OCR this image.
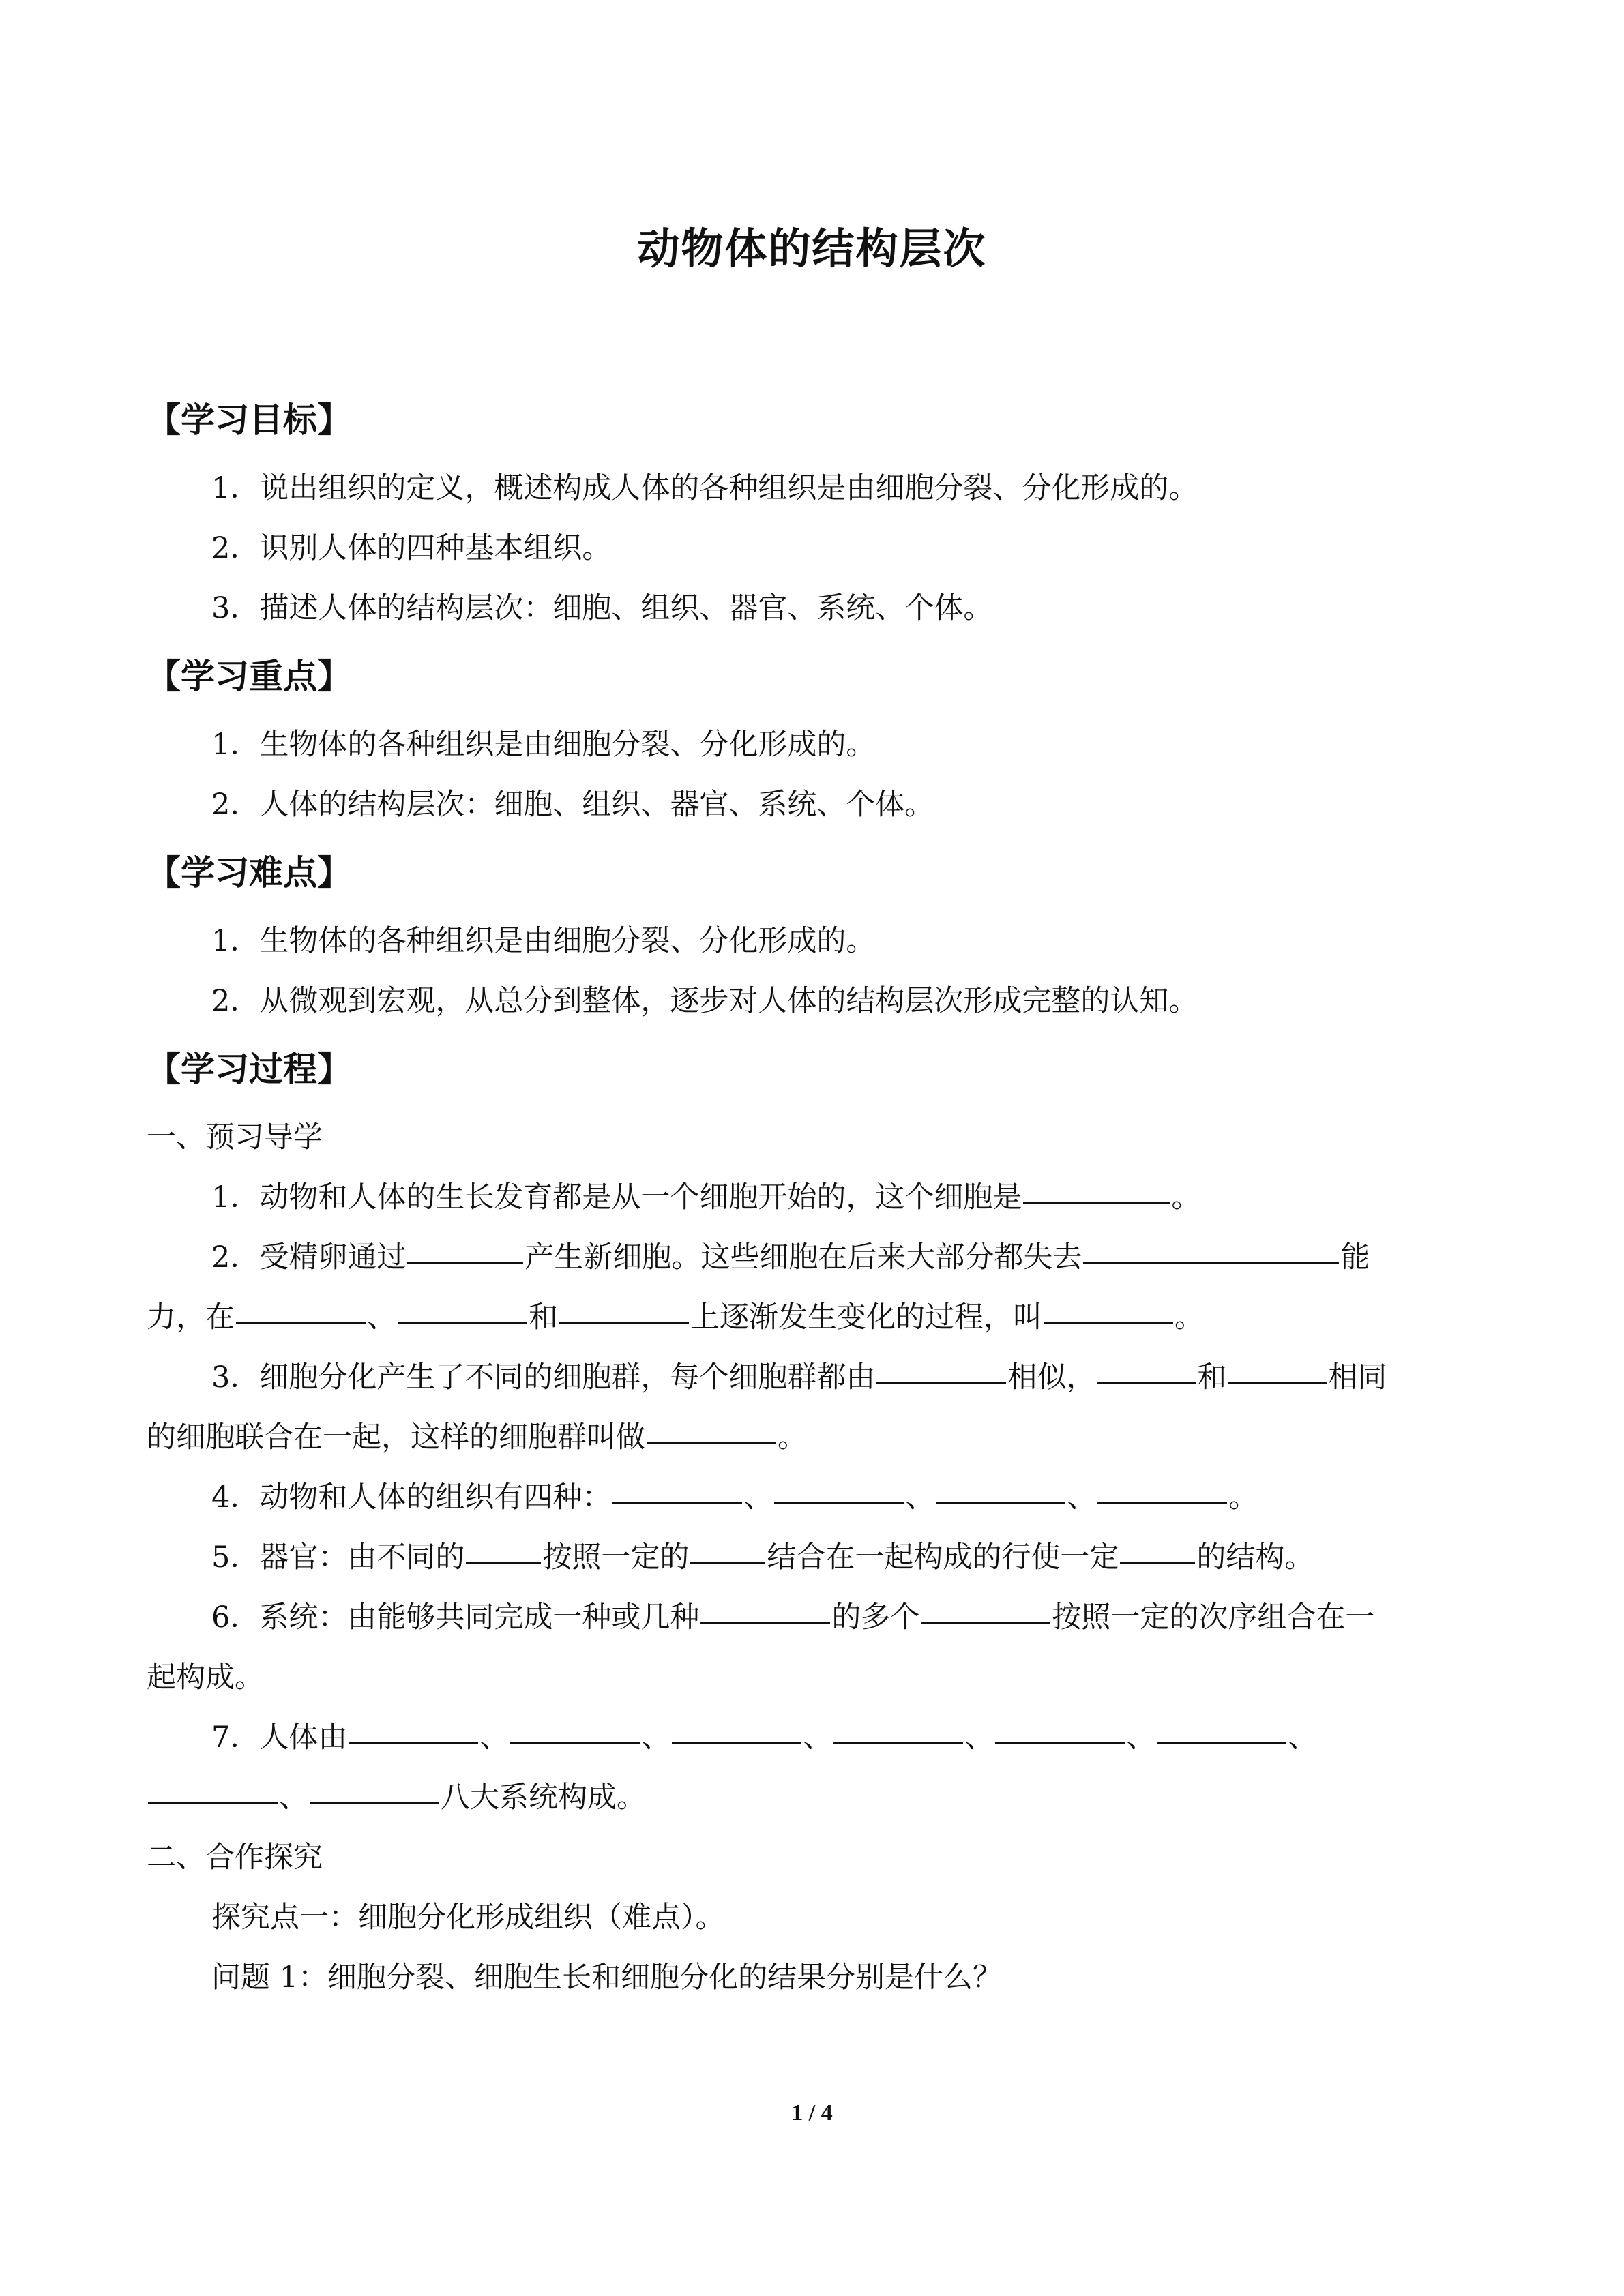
动物体的结构层次
【学习目标】
1．说出组织的定义，概述构成人体的各种组织是由细胞分裂、分化形成的。
2．识别人体的四种基本组织。
3．描述人体的结构层次：细胞、组织、器官、系统、个体。
【学习重点】
1．生物体的各种组织是由细胞分裂、分化形成的。
2．人体的结构层次：细胞、组织、器官、系统、个体。
【学习难点】
1．生物体的各种组织是由细胞分裂、分化形成的。
2．从微观到宏观，从总分到整体，逐步对人体的结构层次形成完整的认知。
【学习过程】
一、预习导学
1．动物和人体的生长发育都是从一个细胞开始的，这个细胞是	。
2．受精卵通过	产生新细胞。这些细胞在后来大部分都失去	能
力，在	、	和	上逐渐发生变化的过程，叫	。
3．细胞分化产生了不同的细胞群，每个细胞群都由	相似，	和	相同
的细胞联合在一起，这样的细胞群叫做	。
4．动物和人体的组织有四种：	、	、	、	。
5．器官：由不同的	按照一定的	结合在一起构成的行使一定	的结构。
6．系统：由能够共同完成一种或几种	的多个	按照一定的次序组合在一
起构成。
7．人体由	、	、	、	、	、	、
、	八大系统构成。
二、合作探究
探究点一：细胞分化形成组织（难点）。
问题 1：细胞分裂、细胞生长和细胞分化的结果分别是什么？
1 / 4
